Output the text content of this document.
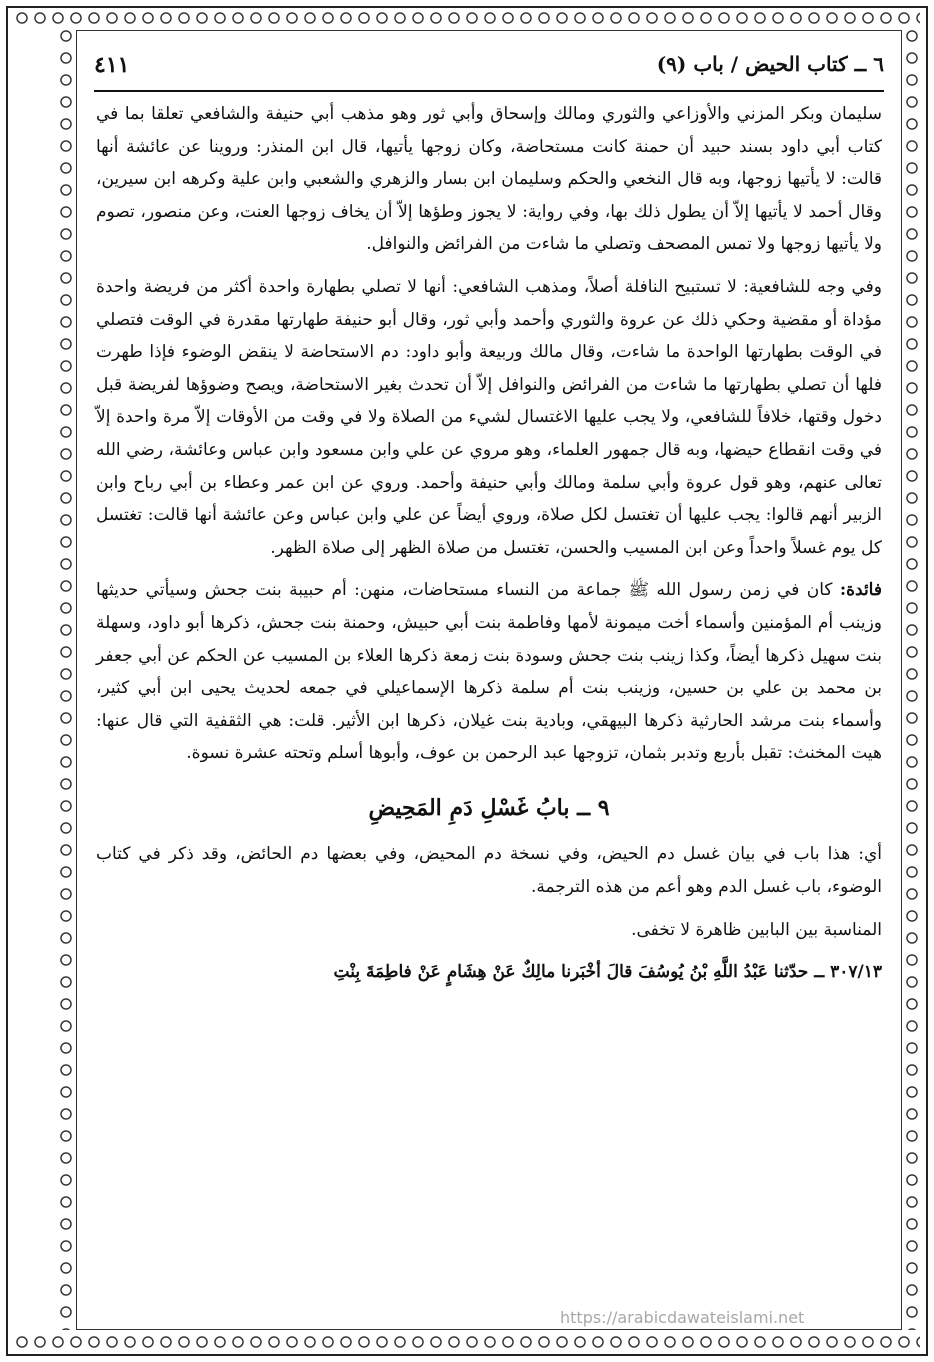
٦ ــ كتاب الحيض / باب (٩)
٤١١

سليمان وبكر المزني والأوزاعي والثوري ومالك وإسحاق وأبي ثور وهو مذهب أبي حنيفة والشافعي تعلقا بما في كتاب أبي داود بسند حبيد أن حمنة كانت مستحاضة، وكان زوجها يأتيها، قال ابن المنذر: وروينا عن عائشة أنها قالت: لا يأتيها زوجها، وبه قال النخعي والحكم وسليمان ابن بسار والزهري والشعبي وابن علية وكرهه ابن سيرين، وقال أحمد لا يأتيها إلاّ أن يطول ذلك بها، وفي رواية: لا يجوز وطؤها إلاّ أن يخاف زوجها العنت، وعن منصور، تصوم ولا يأتيها زوجها ولا تمس المصحف وتصلي ما شاءت من الفرائض والنوافل.

وفي وجه للشافعية: لا تستبيح النافلة أصلاً، ومذهب الشافعي: أنها لا تصلي بطهارة واحدة أكثر من فريضة واحدة مؤداة أو مقضية وحكي ذلك عن عروة والثوري وأحمد وأبي ثور، وقال أبو حنيفة طهارتها مقدرة في الوقت فتصلي في الوقت بطهارتها الواحدة ما شاءت، وقال مالك وربيعة وأبو داود: دم الاستحاضة لا ينقض الوضوء فإذا طهرت فلها أن تصلي بطهارتها ما شاءت من الفرائض والنوافل إلاّ أن تحدث بغير الاستحاضة، ويصح وضوؤها لفريضة قبل دخول وقتها، خلافاً للشافعي، ولا يجب عليها الاغتسال لشيء من الصلاة ولا في وقت من الأوقات إلاّ مرة واحدة إلاّ في وقت انقطاع حيضها، وبه قال جمهور العلماء، وهو مروي عن علي وابن مسعود وابن عباس وعائشة، رضي الله تعالى عنهم، وهو قول عروة وأبي سلمة ومالك وأبي حنيفة وأحمد. وروي عن ابن عمر وعطاء بن أبي رباح وابن الزبير أنهم قالوا: يجب عليها أن تغتسل لكل صلاة، وروي أيضاً عن علي وابن عباس وعن عائشة أنها قالت: تغتسل كل يوم غسلاً واحداً وعن ابن المسيب والحسن، تغتسل من صلاة الظهر إلى صلاة الظهر.

فائدة: كان في زمن رسول الله ﷺ جماعة من النساء مستحاضات، منهن: أم حبيبة بنت جحش وسيأتي حديثها وزينب أم المؤمنين وأسماء أخت ميمونة لأمها وفاطمة بنت أبي حبيش، وحمنة بنت جحش، ذكرها أبو داود، وسهلة بنت سهيل ذكرها أيضاً، وكذا زينب بنت جحش وسودة بنت زمعة ذكرها العلاء بن المسيب عن الحكم عن أبي جعفر بن محمد بن علي بن حسين، وزينب بنت أم سلمة ذكرها الإسماعيلي في جمعه لحديث يحيى ابن أبي كثير، وأسماء بنت مرشد الحارثية ذكرها البيهقي، وبادية بنت غيلان، ذكرها ابن الأثير. قلت: هي الثقفية التي قال عنها: هيت المخنث: تقبل بأربع وتدبر بثمان، تزوجها عبد الرحمن بن عوف، وأبوها أسلم وتحته عشرة نسوة.

٩ ــ بابُ غَسْلِ دَمِ المَحِيضِ

أي: هذا باب في بيان غسل دم الحيض، وفي نسخة دم المحيض، وفي بعضها دم الحائض، وقد ذكر في كتاب الوضوء، باب غسل الدم وهو أعم من هذه الترجمة.

المناسبة بين البابين ظاهرة لا تخفى.

٣٠٧/١٣ ــ حدّثنا عَبْدُ اللَّهِ بْنُ يُوسُفَ قالَ أخْبَرنا مالِكٌ عَنْ هِشَامٍ عَنْ فاطِمَةَ بِنْتِ

https://arabicdawateislami.net
